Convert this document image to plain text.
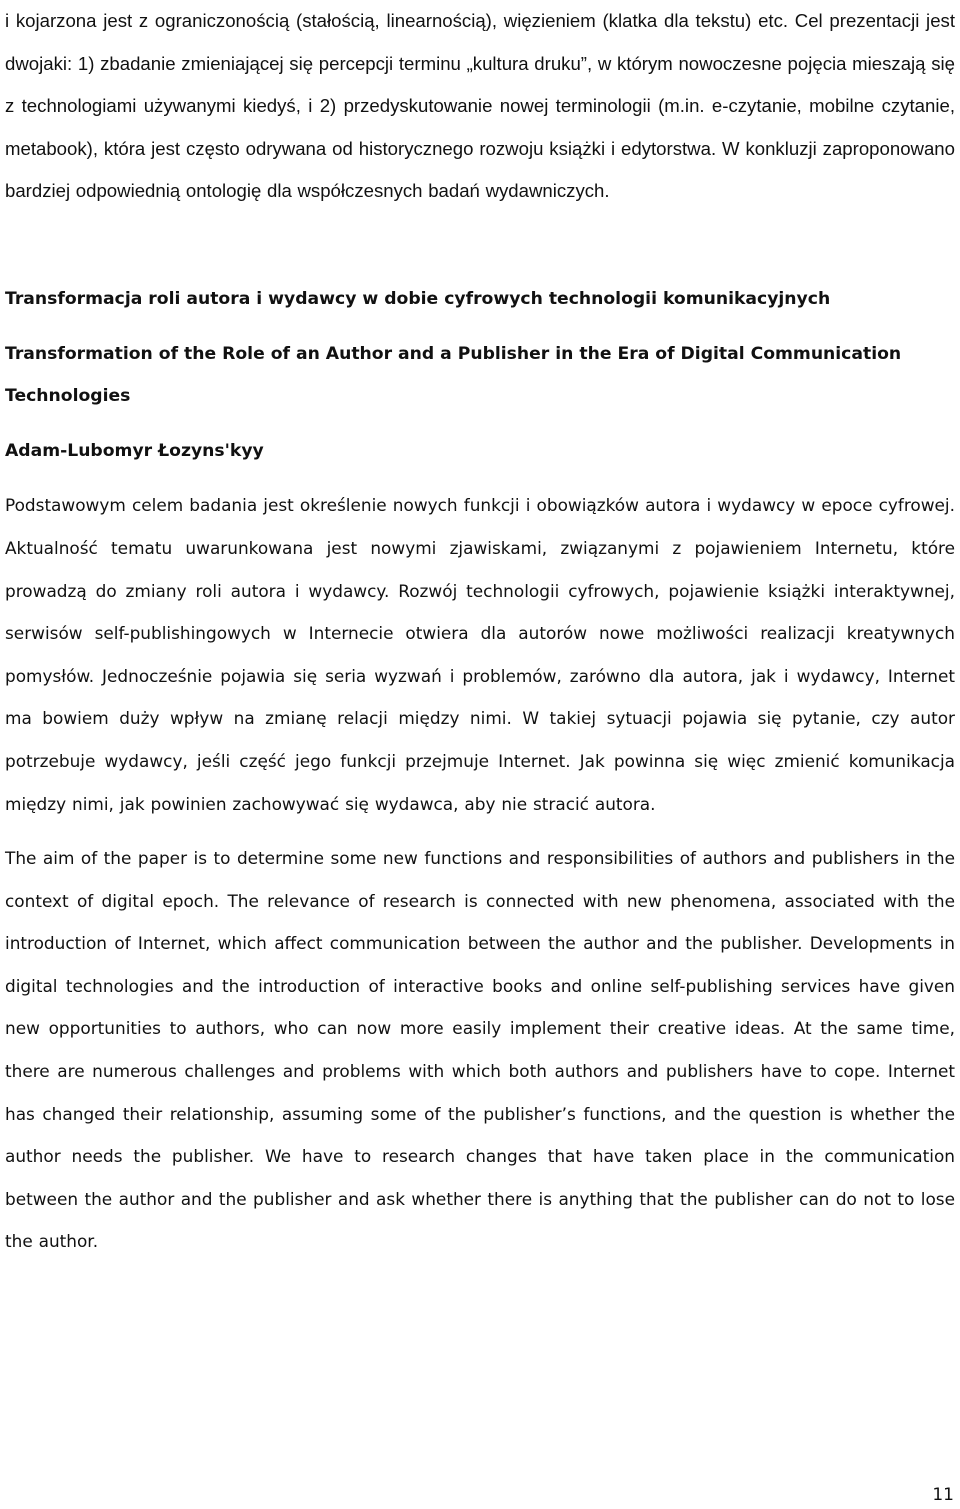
i kojarzona jest z ograniczonością (stałością, linearnością), więzieniem (klatka dla tekstu) etc. Cel prezentacji jest dwojaki: 1) zbadanie zmieniającej się percepcji terminu „kultura druku”, w którym nowoczesne pojęcia mieszają się z technologiami używanymi kiedyś, i 2) przedyskutowanie nowej terminologii (m.in. e-czytanie, mobilne czytanie, metabook), która jest często odrywana od historycznego rozwoju książki i edytorstwa. W konkluzji zaproponowano bardziej odpowiednią ontologię dla współczesnych badań wydawniczych.

Transformacja roli autora i wydawcy w dobie cyfrowych technologii komunikacyjnych
Transformation of the Role of an Author and a Publisher in the Era of Digital Communication Technologies
Adam-Lubomyr Łozyns'kyy

Podstawowym celem badania jest określenie nowych funkcji i obowiązków autora i wydawcy w epoce cyfrowej. Aktualność tematu uwarunkowana jest nowymi zjawiskami, związanymi z pojawieniem Internetu, które prowadzą do zmiany roli autora i wydawcy. Rozwój technologii cyfrowych, pojawienie książki interaktywnej, serwisów self-publishingowych w Internecie otwiera dla autorów nowe możliwości realizacji kreatywnych pomysłów. Jednocześnie pojawia się seria wyzwań i problemów, zarówno dla autora, jak i wydawcy, Internet ma bowiem duży wpływ na zmianę relacji między nimi. W takiej sytuacji pojawia się pytanie, czy autor potrzebuje wydawcy, jeśli część jego funkcji przejmuje Internet. Jak powinna się więc zmienić komunikacja między nimi, jak powinien zachowywać się wydawca, aby nie stracić autora.

The aim of the paper is to determine some new functions and responsibilities of authors and publishers in the context of digital epoch. The relevance of research is connected with new phenomena, associated with the introduction of Internet, which affect communication between the author and the publisher. Developments in digital technologies and the introduction of interactive books and online self-publishing services have given new opportunities to authors, who can now more easily implement their creative ideas. At the same time, there are numerous challenges and problems with which both authors and publishers have to cope. Internet has changed their relationship, assuming some of the publisher’s functions, and the question is whether the author needs the publisher. We have to research changes that have taken place in the communication between the author and the publisher and ask whether there is anything that the publisher can do not to lose the author.

11
